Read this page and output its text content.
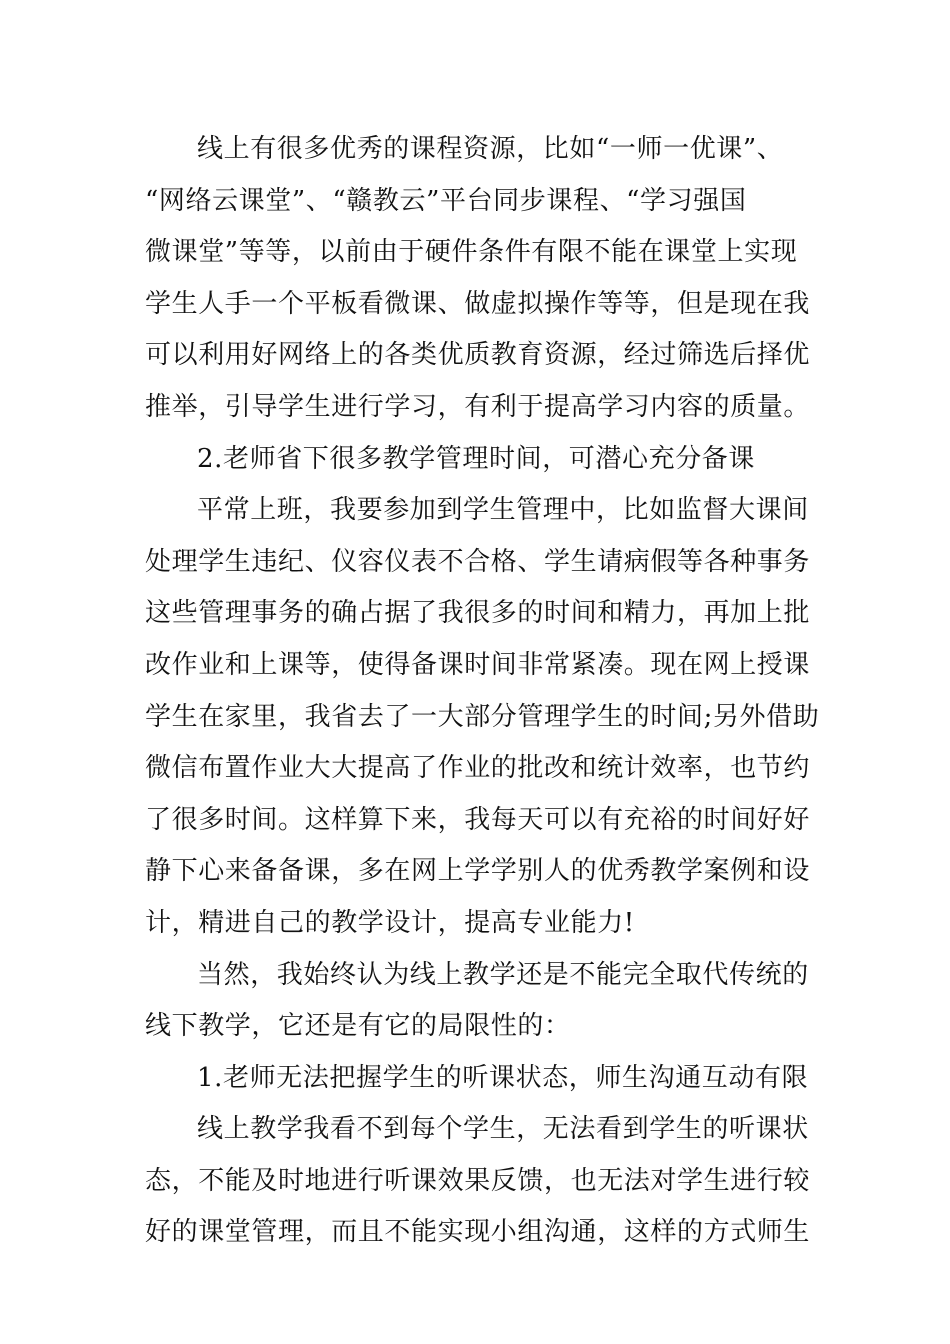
线上有很多优秀的课程资源，比如“一师一优课”、
“网络云课堂”、“赣教云”平台同步课程、“学习强国
微课堂”等等，以前由于硬件条件有限不能在课堂上实现
学生人手一个平板看微课、做虚拟操作等等，但是现在我
可以利用好网络上的各类优质教育资源，经过筛选后择优
推举，引导学生进行学习，有利于提高学习内容的质量。
2.老师省下很多教学管理时间，可潜心充分备课
平常上班，我要参加到学生管理中，比如监督大课间
处理学生违纪、仪容仪表不合格、学生请病假等各种事务
这些管理事务的确占据了我很多的时间和精力，再加上批
改作业和上课等，使得备课时间非常紧凑。现在网上授课
学生在家里，我省去了一大部分管理学生的时间;另外借助
微信布置作业大大提高了作业的批改和统计效率，也节约
了很多时间。这样算下来，我每天可以有充裕的时间好好
静下心来备备课，多在网上学学别人的优秀教学案例和设
计，精进自己的教学设计，提高专业能力!
当然，我始终认为线上教学还是不能完全取代传统的
线下教学，它还是有它的局限性的：
1.老师无法把握学生的听课状态，师生沟通互动有限
线上教学我看不到每个学生，无法看到学生的听课状
态，不能及时地进行听课效果反馈，也无法对学生进行较
好的课堂管理，而且不能实现小组沟通，这样的方式师生
